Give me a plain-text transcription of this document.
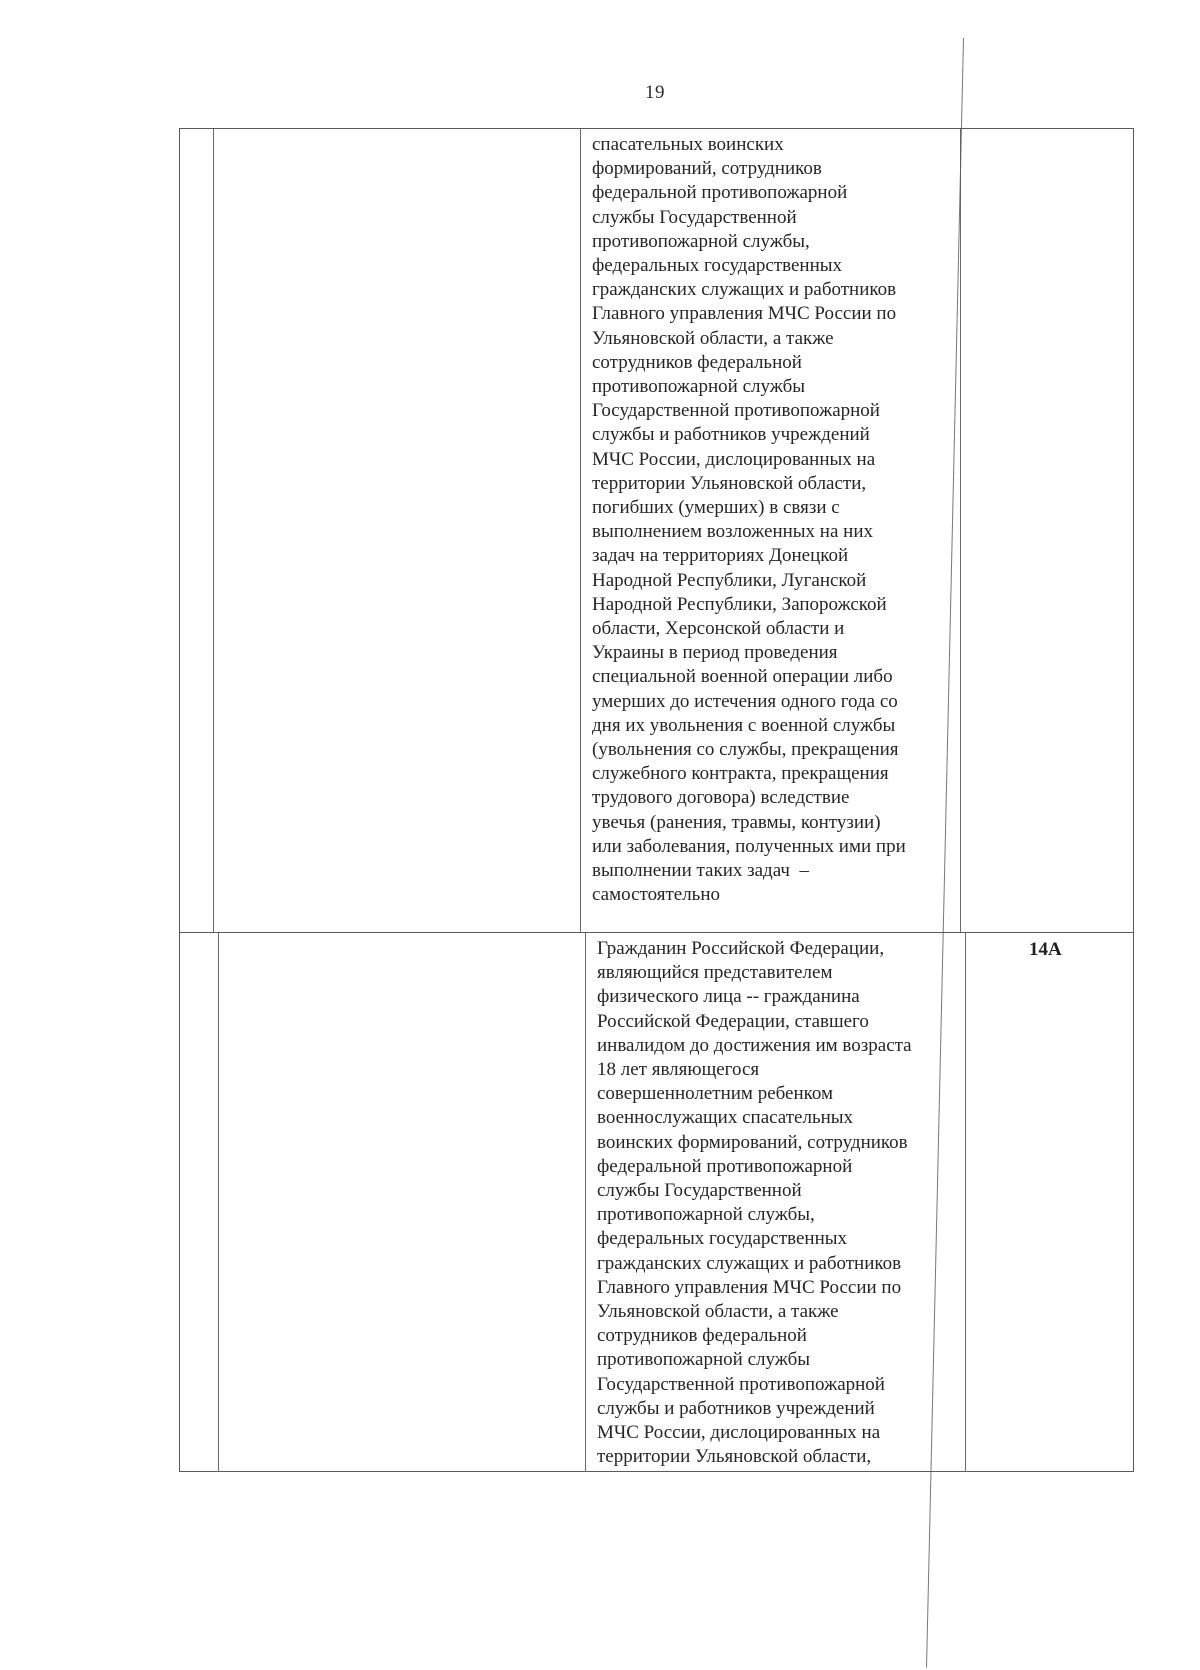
19
спасательных воинских
формирований, сотрудников
федеральной противопожарной
службы Государственной
противопожарной службы,
федеральных государственных
гражданских служащих и работников
Главного управления МЧС России по
Ульяновской области, а также
сотрудников федеральной
противопожарной службы
Государственной противопожарной
службы и работников учреждений
МЧС России, дислоцированных на
территории Ульяновской области,
погибших (умерших) в связи с
выполнением возложенных на них
задач на территориях Донецкой
Народной Республики, Луганской
Народной Республики, Запорожской
области, Херсонской области и
Украины в период проведения
специальной военной операции либо
умерших до истечения одного года со
дня их увольнения с военной службы
(увольнения со службы, прекращения
служебного контракта, прекращения
трудового договора) вследствие
увечья (ранения, травмы, контузии)
или заболевания, полученных ими при
выполнении таких задач  –
самостоятельно
Гражданин Российской Федерации,
являющийся представителем
физического лица -- гражданина
Российской Федерации, ставшего
инвалидом до достижения им возраста
18 лет являющегося
совершеннолетним ребенком
военнослужащих спасательных
воинских формирований, сотрудников
федеральной противопожарной
службы Государственной
противопожарной службы,
федеральных государственных
гражданских служащих и работников
Главного управления МЧС России по
Ульяновской области, а также
сотрудников федеральной
противопожарной службы
Государственной противопожарной
службы и работников учреждений
МЧС России, дислоцированных на
территории Ульяновской области,
14А
